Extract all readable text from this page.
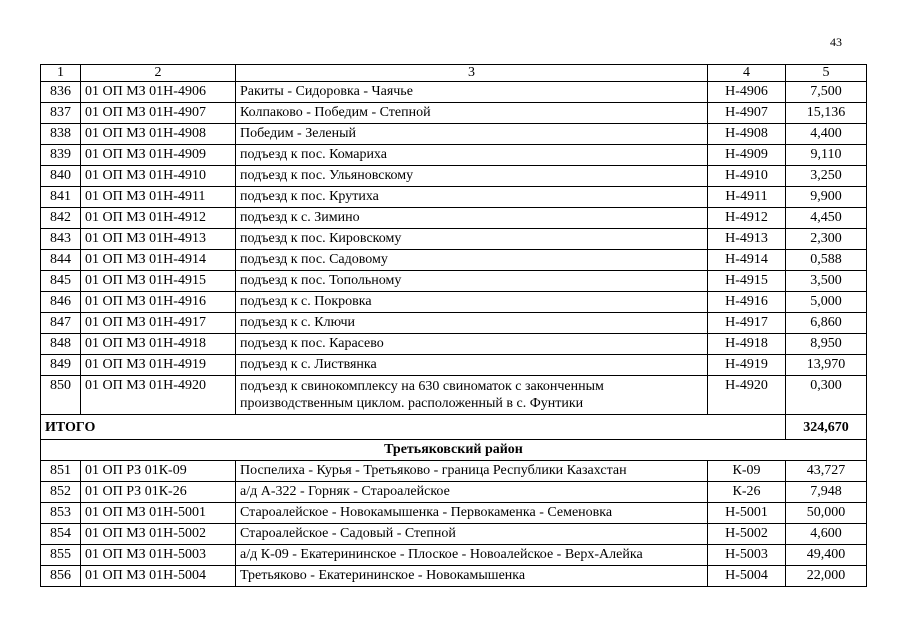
43
1	2	3	4	5
836	01 ОП МЗ 01Н-4906	Ракиты - Сидоровка - Чаячье	Н-4906	7,500
837	01 ОП МЗ 01Н-4907	Колпаково - Победим - Степной	Н-4907	15,136
838	01 ОП МЗ 01Н-4908	Победим - Зеленый	Н-4908	4,400
839	01 ОП МЗ 01Н-4909	подъезд к пос. Комариха	Н-4909	9,110
840	01 ОП МЗ 01Н-4910	подъезд к пос. Ульяновскому	Н-4910	3,250
841	01 ОП МЗ 01Н-4911	подъезд к пос. Крутиха	Н-4911	9,900
842	01 ОП МЗ 01Н-4912	подъезд к с. Зимино	Н-4912	4,450
843	01 ОП МЗ 01Н-4913	подъезд к пос. Кировскому	Н-4913	2,300
844	01 ОП МЗ 01Н-4914	подъезд к пос. Садовому	Н-4914	0,588
845	01 ОП МЗ 01Н-4915	подъезд к пос. Топольному	Н-4915	3,500
846	01 ОП МЗ 01Н-4916	подъезд к с. Покровка	Н-4916	5,000
847	01 ОП МЗ 01Н-4917	подъезд к с. Ключи	Н-4917	6,860
848	01 ОП МЗ 01Н-4918	подъезд к пос. Карасево	Н-4918	8,950
849	01 ОП МЗ 01Н-4919	подъезд к с. Листвянка	Н-4919	13,970
850	01 ОП МЗ 01Н-4920	подъезд к свинокомплексу на 630 свиноматок с законченным производственным циклом. расположенный в с. Фунтики	Н-4920	0,300
ИТОГО				324,670
Третьяковский район				
851	01 ОП РЗ 01К-09	Поспелиха - Курья - Третьяково - граница Республики Казахстан	К-09	43,727
852	01 ОП РЗ 01К-26	а/д А-322 - Горняк - Староалейское	К-26	7,948
853	01 ОП МЗ 01Н-5001	Староалейское - Новокамышенка - Первокаменка - Семеновка	Н-5001	50,000
854	01 ОП МЗ 01Н-5002	Староалейское - Садовый - Степной	Н-5002	4,600
855	01 ОП МЗ 01Н-5003	а/д К-09 - Екатерининское - Плоское - Новоалейское - Верх-Алейка	Н-5003	49,400
856	01 ОП МЗ 01Н-5004	Третьяково - Екатерининское - Новокамышенка	Н-5004	22,000
